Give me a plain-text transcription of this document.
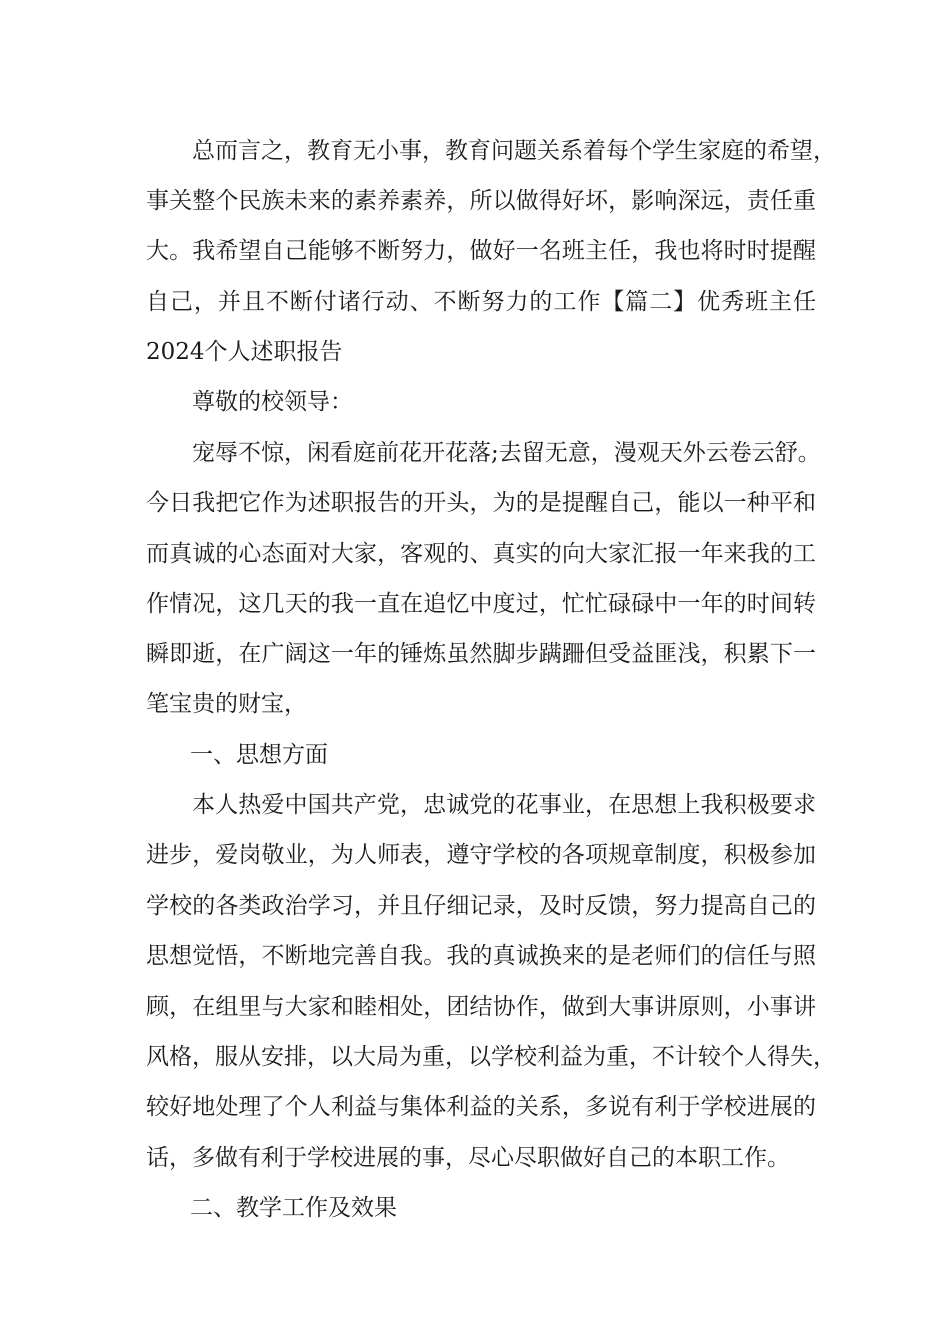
总而言之，教育无小事，教育问题关系着每个学生家庭的希望，
事关整个民族未来的素养素养，所以做得好坏，影响深远，责任重
大。我希望自己能够不断努力，做好一名班主任，我也将时时提醒
自己，并且不断付诸行动、不断努力的工作【篇二】优秀班主任
2024个人述职报告
尊敬的校领导：
宠辱不惊，闲看庭前花开花落;去留无意，漫观天外云卷云舒。
今日我把它作为述职报告的开头，为的是提醒自己，能以一种平和
而真诚的心态面对大家，客观的、真实的向大家汇报一年来我的工
作情况，这几天的我一直在追忆中度过，忙忙碌碌中一年的时间转
瞬即逝，在广阔这一年的锤炼虽然脚步蹒跚但受益匪浅，积累下一
笔宝贵的财宝，
一、思想方面
本人热爱中国共产党，忠诚党的花事业，在思想上我积极要求
进步，爱岗敬业，为人师表，遵守学校的各项规章制度，积极参加
学校的各类政治学习，并且仔细记录，及时反馈，努力提高自己的
思想觉悟，不断地完善自我。我的真诚换来的是老师们的信任与照
顾，在组里与大家和睦相处，团结协作，做到大事讲原则，小事讲
风格，服从安排，以大局为重，以学校利益为重，不计较个人得失，
较好地处理了个人利益与集体利益的关系，多说有利于学校进展的
话，多做有利于学校进展的事，尽心尽职做好自己的本职工作。
二、教学工作及效果
